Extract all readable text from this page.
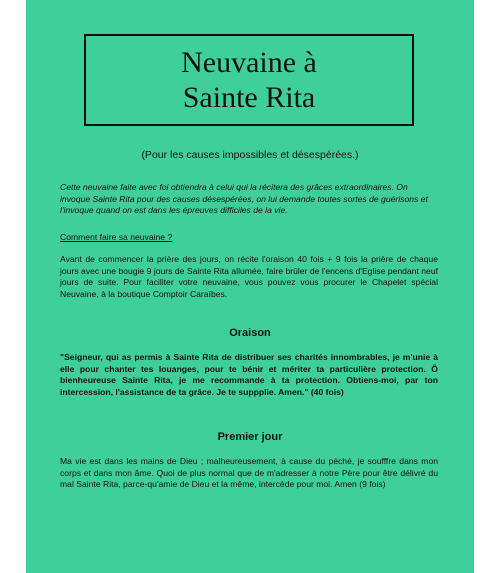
Neuvaine à
Sainte Rita
(Pour les causes impossibles et désespérées.)
Cette neuvaine faite avec foi obtiendra à celui qui la récitera des grâces extraordinaires. On invoque Sainte Rita pour des causes désespérées, on lui demande toutes sortes de guérisons et l'invoque quand on est dans les épreuves difficiles de la vie.
Comment faire sa neuvaine ?
Avant de commencer la prière des jours, on récite l'oraison 40 fois + 9 fois la prière de chaque jours avec une bougie 9 jours de Sainte Rita allumée, faire brûler de l'encens d'Eglise pendant neuf jours de suite. Pour faciliter votre neuvaine, vous pouvez vous procurer le Chapelet spécial Neuvaine, à la boutique Comptoir Caraïbes.
Oraison
"Seigneur, qui as permis à Sainte Rita de distribuer ses charités innombrables, je m'unie à elle pour chanter tes louanges, pour te bénir et mériter ta particulière protection. Ô bienheureuse Sainte Rita, je me recommande à ta protection. Obtiens-moi, par ton intercession, l'assistance de ta grâce. Je te suppplie. Amen." (40 fois)
Premier jour
Ma vie est dans les mains de Dieu ; malheureusement, à cause du péché, je soufffre dans mon corps et dans mon âme. Quoi de plus normal que de m'adresser à notre Père pour être délivré du mal Sainte Rita, parce-qu'amie de Dieu et la même, intercède pour moi. Amen (9 fois)
